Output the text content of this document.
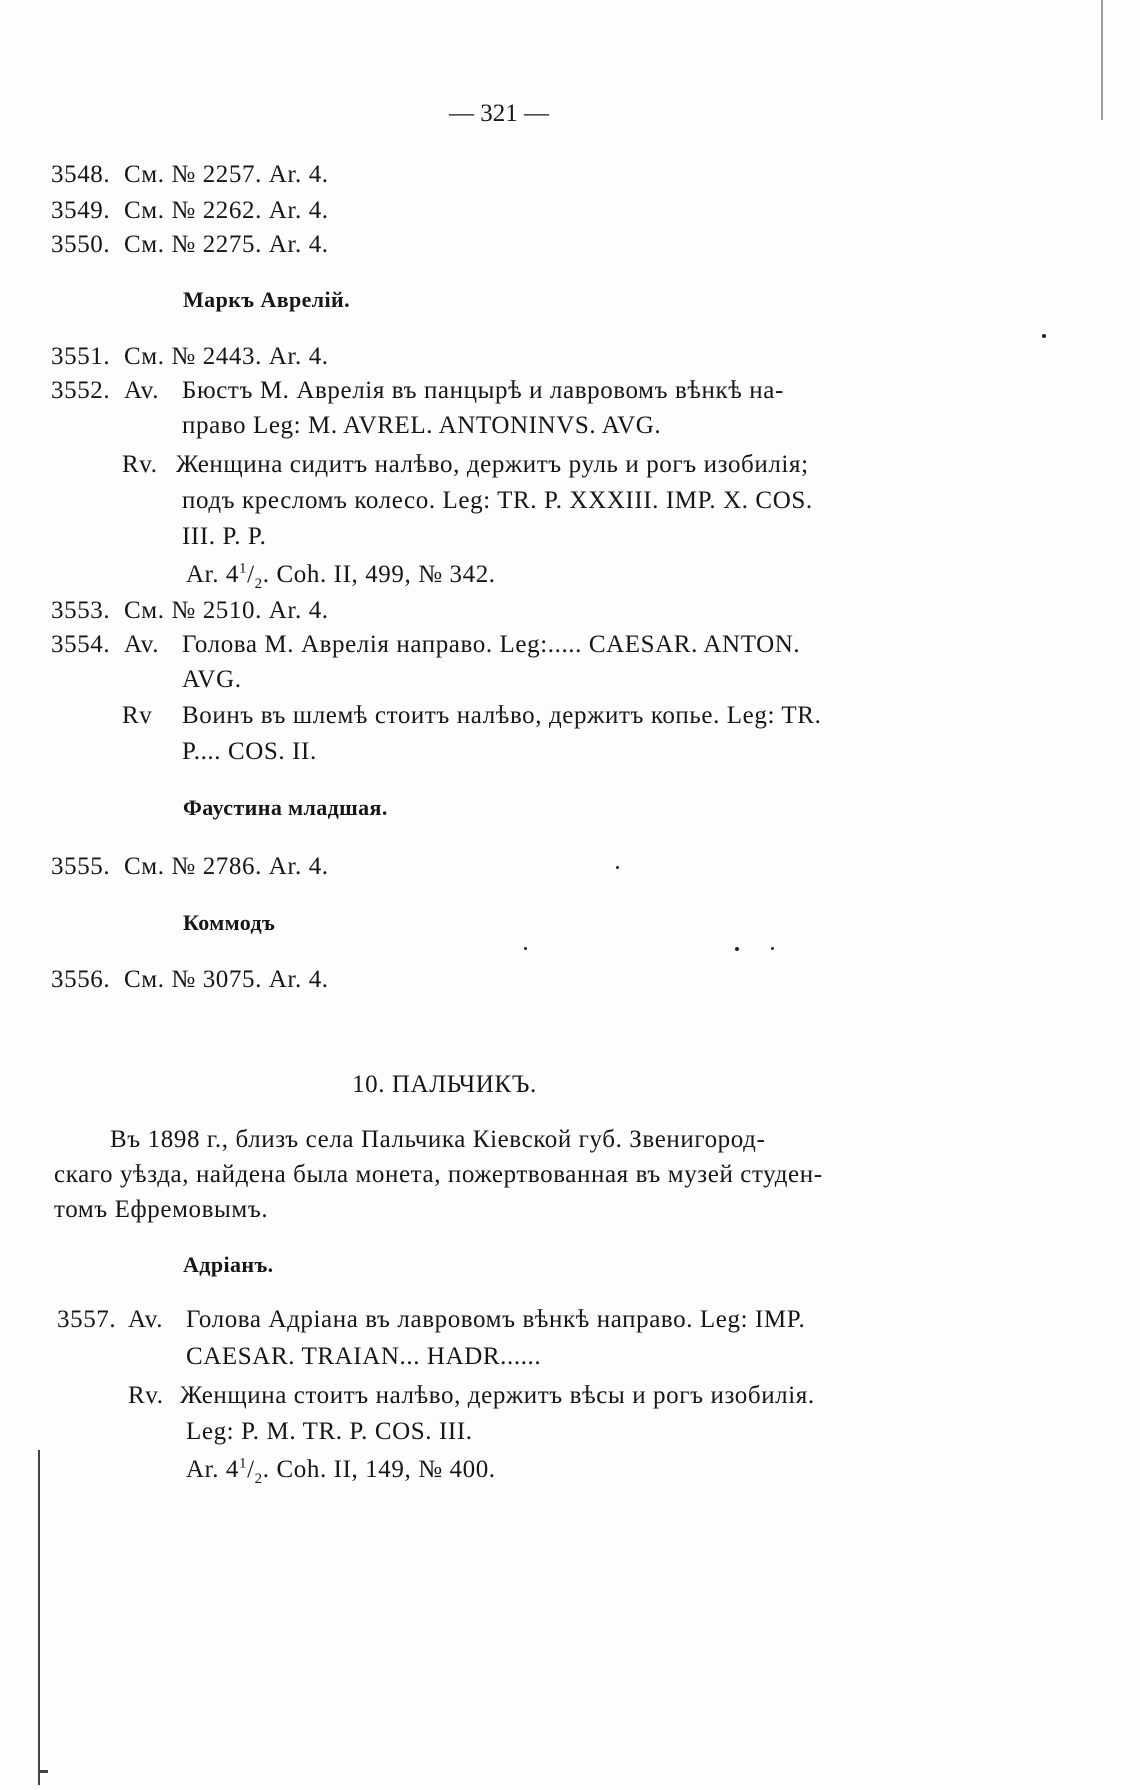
— 321 —
3548. См. № 2257. Ar. 4.
3549. См. № 2262. Ar. 4.
3550. См. № 2275. Ar. 4.
Маркъ Аврелій.
3551. См. № 2443. Ar. 4.
3552. Av. Бюстъ М. Аврелія въ панцырѣ и лавровомъ вѣнкѣ на-
право Leg: M. AVREL. ANTONINVS. AVG.
Rv. Женщина сидитъ налѣво, держитъ руль и рогъ изобилія;
подъ кресломъ колесо. Leg: TR. P. XXXIII. IMP. X. COS.
III. P. P.
Ar. $4^1/_2$. Coh. II, 499, № 342.
3553. См. № 2510. Ar. 4.
3554. Av. Голова М. Аврелія направо. Leg:..... CAESAR. ANTON.
AVG.
Rv Воинъ въ шлемѣ стоитъ налѣво, держитъ копье. Leg: TR.
P.... COS. II.
Фаустина младшая.
3555. См. № 2786. Ar. 4.
Коммодъ
3556. См. № 3075. Ar. 4.
10. ПАЛЬЧИКЪ.
Въ 1898 г., близъ села Пальчика Кіевской губ. Звенигород-
скаго уѣзда, найдена была монета, пожертвованная въ музей студен-
томъ Ефремовымъ.
Адріанъ.
3557. Av. Голова Адріана въ лавровомъ вѣнкѣ направо. Leg: IMP.
CAESAR. TRAIAN... HADR......
Rv. Женщина стоитъ налѣво, держитъ вѣсы и рогъ изобилія.
Leg: P. M. TR. P. COS. III.
Ar. $4^1/_2$. Coh. II, 149, № 400.
